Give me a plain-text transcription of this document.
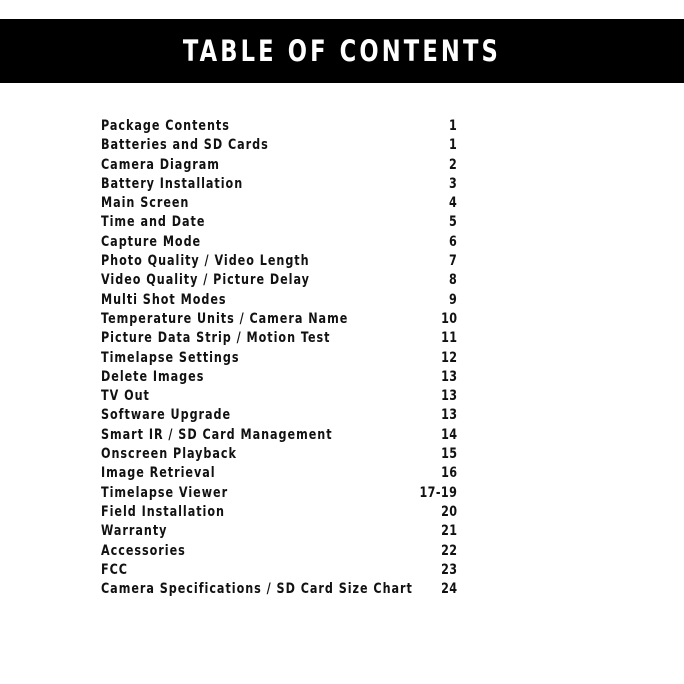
TABLE OF CONTENTS
Package Contents	1
Batteries and SD Cards	1
Camera Diagram	2
Battery Installation	3
Main Screen	4
Time and Date	5
Capture Mode	6
Photo Quality / Video Length	7
Video Quality / Picture Delay	8
Multi Shot Modes	9
Temperature Units / Camera Name	10
Picture Data Strip / Motion Test	11
Timelapse Settings	12
Delete Images	13
TV Out	13
Software Upgrade	13
Smart IR / SD Card Management	14
Onscreen Playback	15
Image Retrieval	16
Timelapse Viewer	17-19
Field Installation	20
Warranty	21
Accessories	22
FCC	23
Camera Specifications / SD Card Size Chart 24
